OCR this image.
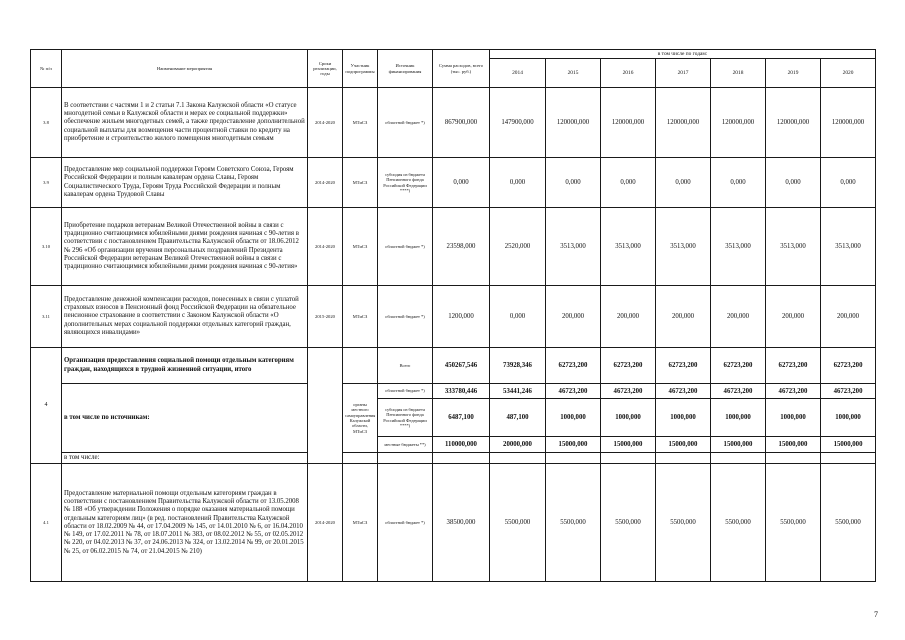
№ п/п	Наименование мероприятия	Сроки реализации, годы	Участник подпрограммы	Источник финансирования	Сумма расходов, всего (тыс. руб.)	в том числе по годам:						
						2014	2015	2016	2017	2018	2019	2020
3.8	В соответствии с частями 1 и 2 статьи 7.1 Закона Калужской области «О статусе многодетной семьи в Калужской области и мерах ее социальной поддержки» обеспечение жильем многодетных семей, а также предоставление дополнительной социальной выплаты для возмещения части процентной ставки по кредиту на приобретение и строительство жилого помещения многодетным семьям	2014-2020	МТиСЗ	областной бюджет *)	867900,000	147900,000	120000,000	120000,000	120000,000	120000,000	120000,000	120000,000
3.9	Предоставление мер социальной поддержки Героям Советского Союза, Героям Российской Федерации и полным кавалерам ордена Славы, Героям Социалистического Труда, Героям Труда Российской Федерации и полным кавалерам ордена Трудовой Славы	2014-2020	МТиСЗ	субсидия из бюджета Пенсионного фонда Российской Федерации ****)	0,000	0,000	0,000	0,000	0,000	0,000	0,000	0,000
3.10	Приобретение подарков ветеранам Великой Отечественной войны в связи с традиционно считающимися юбилейными днями рождения начиная с 90-летия в соответствии с постановлением Правительства Калужской области от 18.06.2012 № 296 «Об организации вручения персональных поздравлений Президента Российской Федерации ветеранам Великой Отечественной войны в связи с традиционно считающимися юбилейными днями рождения начиная с 90-летия»	2014-2020	МТиСЗ	областной бюджет *)	23598,000	2520,000	3513,000	3513,000	3513,000	3513,000	3513,000	3513,000
3.11	Предоставление денежной компенсации расходов, понесенных в связи с уплатой страховых взносов в Пенсионный фонд Российской Федерации на обязательное пенсионное страхование в соответствии с Законом Калужской области «О дополнительных мерах социальной поддержки отдельных категорий граждан, являющихся инвалидами»	2015-2020	МТиСЗ	областной бюджет *)	1200,000	0,000	200,000	200,000	200,000	200,000	200,000	200,000
4	Организация предоставления социальной помощи отдельным категориям граждан, находящихся в трудной жизненной ситуации, итого			Всего	450267,546	73928,346	62723,200	62723,200	62723,200	62723,200	62723,200	62723,200
	в том числе по источникам:		органы местного самоуправления Калужской области, МТиСЗ	областной бюджет *)	333780,446	53441,246	46723,200	46723,200	46723,200	46723,200	46723,200	46723,200
				субсидия из бюджета Пенсионного фонда Российской Федерации ****)	6487,100	487,100	1000,000	1000,000	1000,000	1000,000	1000,000	1000,000
				местные бюджеты **)	110000,000	20000,000	15000,000	15000,000	15000,000	15000,000	15000,000	15000,000
	в том числе:											
4.1	Предоставление материальной помощи отдельным категориям граждан в соответствии с постановлением Правительства Калужской области от 13.05.2008 № 188 «Об утверждении Положения о порядке оказания материальной помощи отдельным категориям лиц» (в ред. постановлений Правительства Калужской области от 18.02.2009 № 44, от 17.04.2009 № 145, от 14.01.2010 № 6, от 16.04.2010 № 149, от 17.02.2011 № 78, от 18.07.2011 № 383, от 08.02.2012 № 55, от 02.05.2012 № 220, от 04.02.2013 № 37, от 24.06.2013 № 324, от 13.02.2014 № 99, от 20.01.2015 № 25, от 06.02.2015 № 74, от 21.04.2015 № 210)	2014-2020	МТиСЗ	областной бюджет *)	38500,000	5500,000	5500,000	5500,000	5500,000	5500,000	5500,000	5500,000
7
